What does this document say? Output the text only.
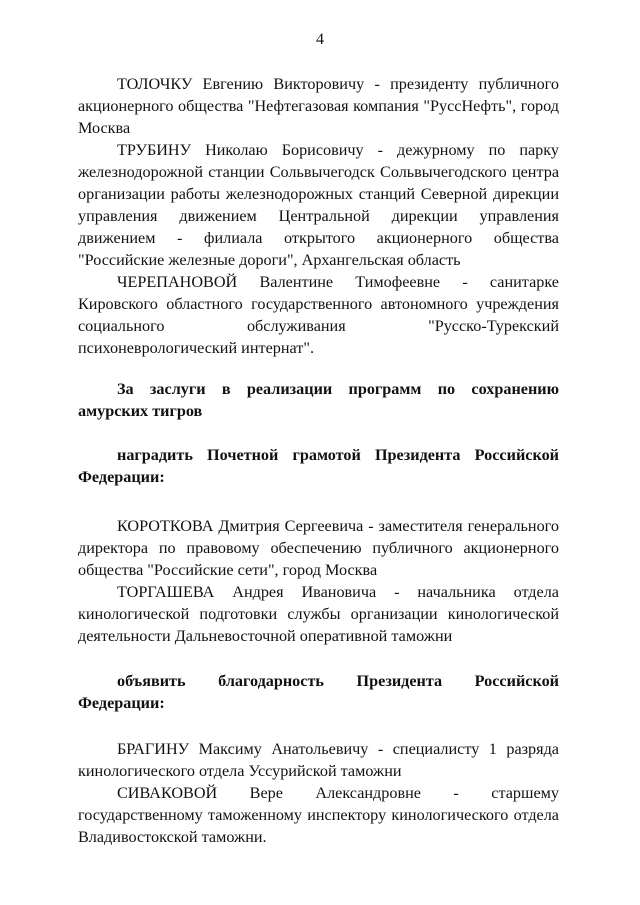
4

ТОЛОЧКУ Евгению Викторовичу - президенту публичного акционерного общества "Нефтегазовая компания "РуссНефть", город Москва

ТРУБИНУ Николаю Борисовичу - дежурному по парку железнодорожной станции Сольвычегодск Сольвычегодского центра организации работы железнодорожных станций Северной дирекции управления движением Центральной дирекции управления движением - филиала открытого акционерного общества "Российские железные дороги", Архангельская область

ЧЕРЕПАНОВОЙ Валентине Тимофеевне - санитарке Кировского областного государственного автономного учреждения социального обслуживания "Русско-Турекский психоневрологический интернат".

За заслуги в реализации программ по сохранению амурских тигров

наградить Почетной грамотой Президента Российской Федерации:

КОРОТКОВА Дмитрия Сергеевича - заместителя генерального директора по правовому обеспечению публичного акционерного общества "Российские сети", город Москва

ТОРГАШЕВА Андрея Ивановича - начальника отдела кинологической подготовки службы организации кинологической деятельности Дальневосточной оперативной таможни

объявить благодарность Президента Российской Федерации:

БРАГИНУ Максиму Анатольевичу - специалисту 1 разряда кинологического отдела Уссурийской таможни

СИВАКОВОЙ Вере Александровне - старшему государственному таможенному инспектору кинологического отдела Владивостокской таможни.
